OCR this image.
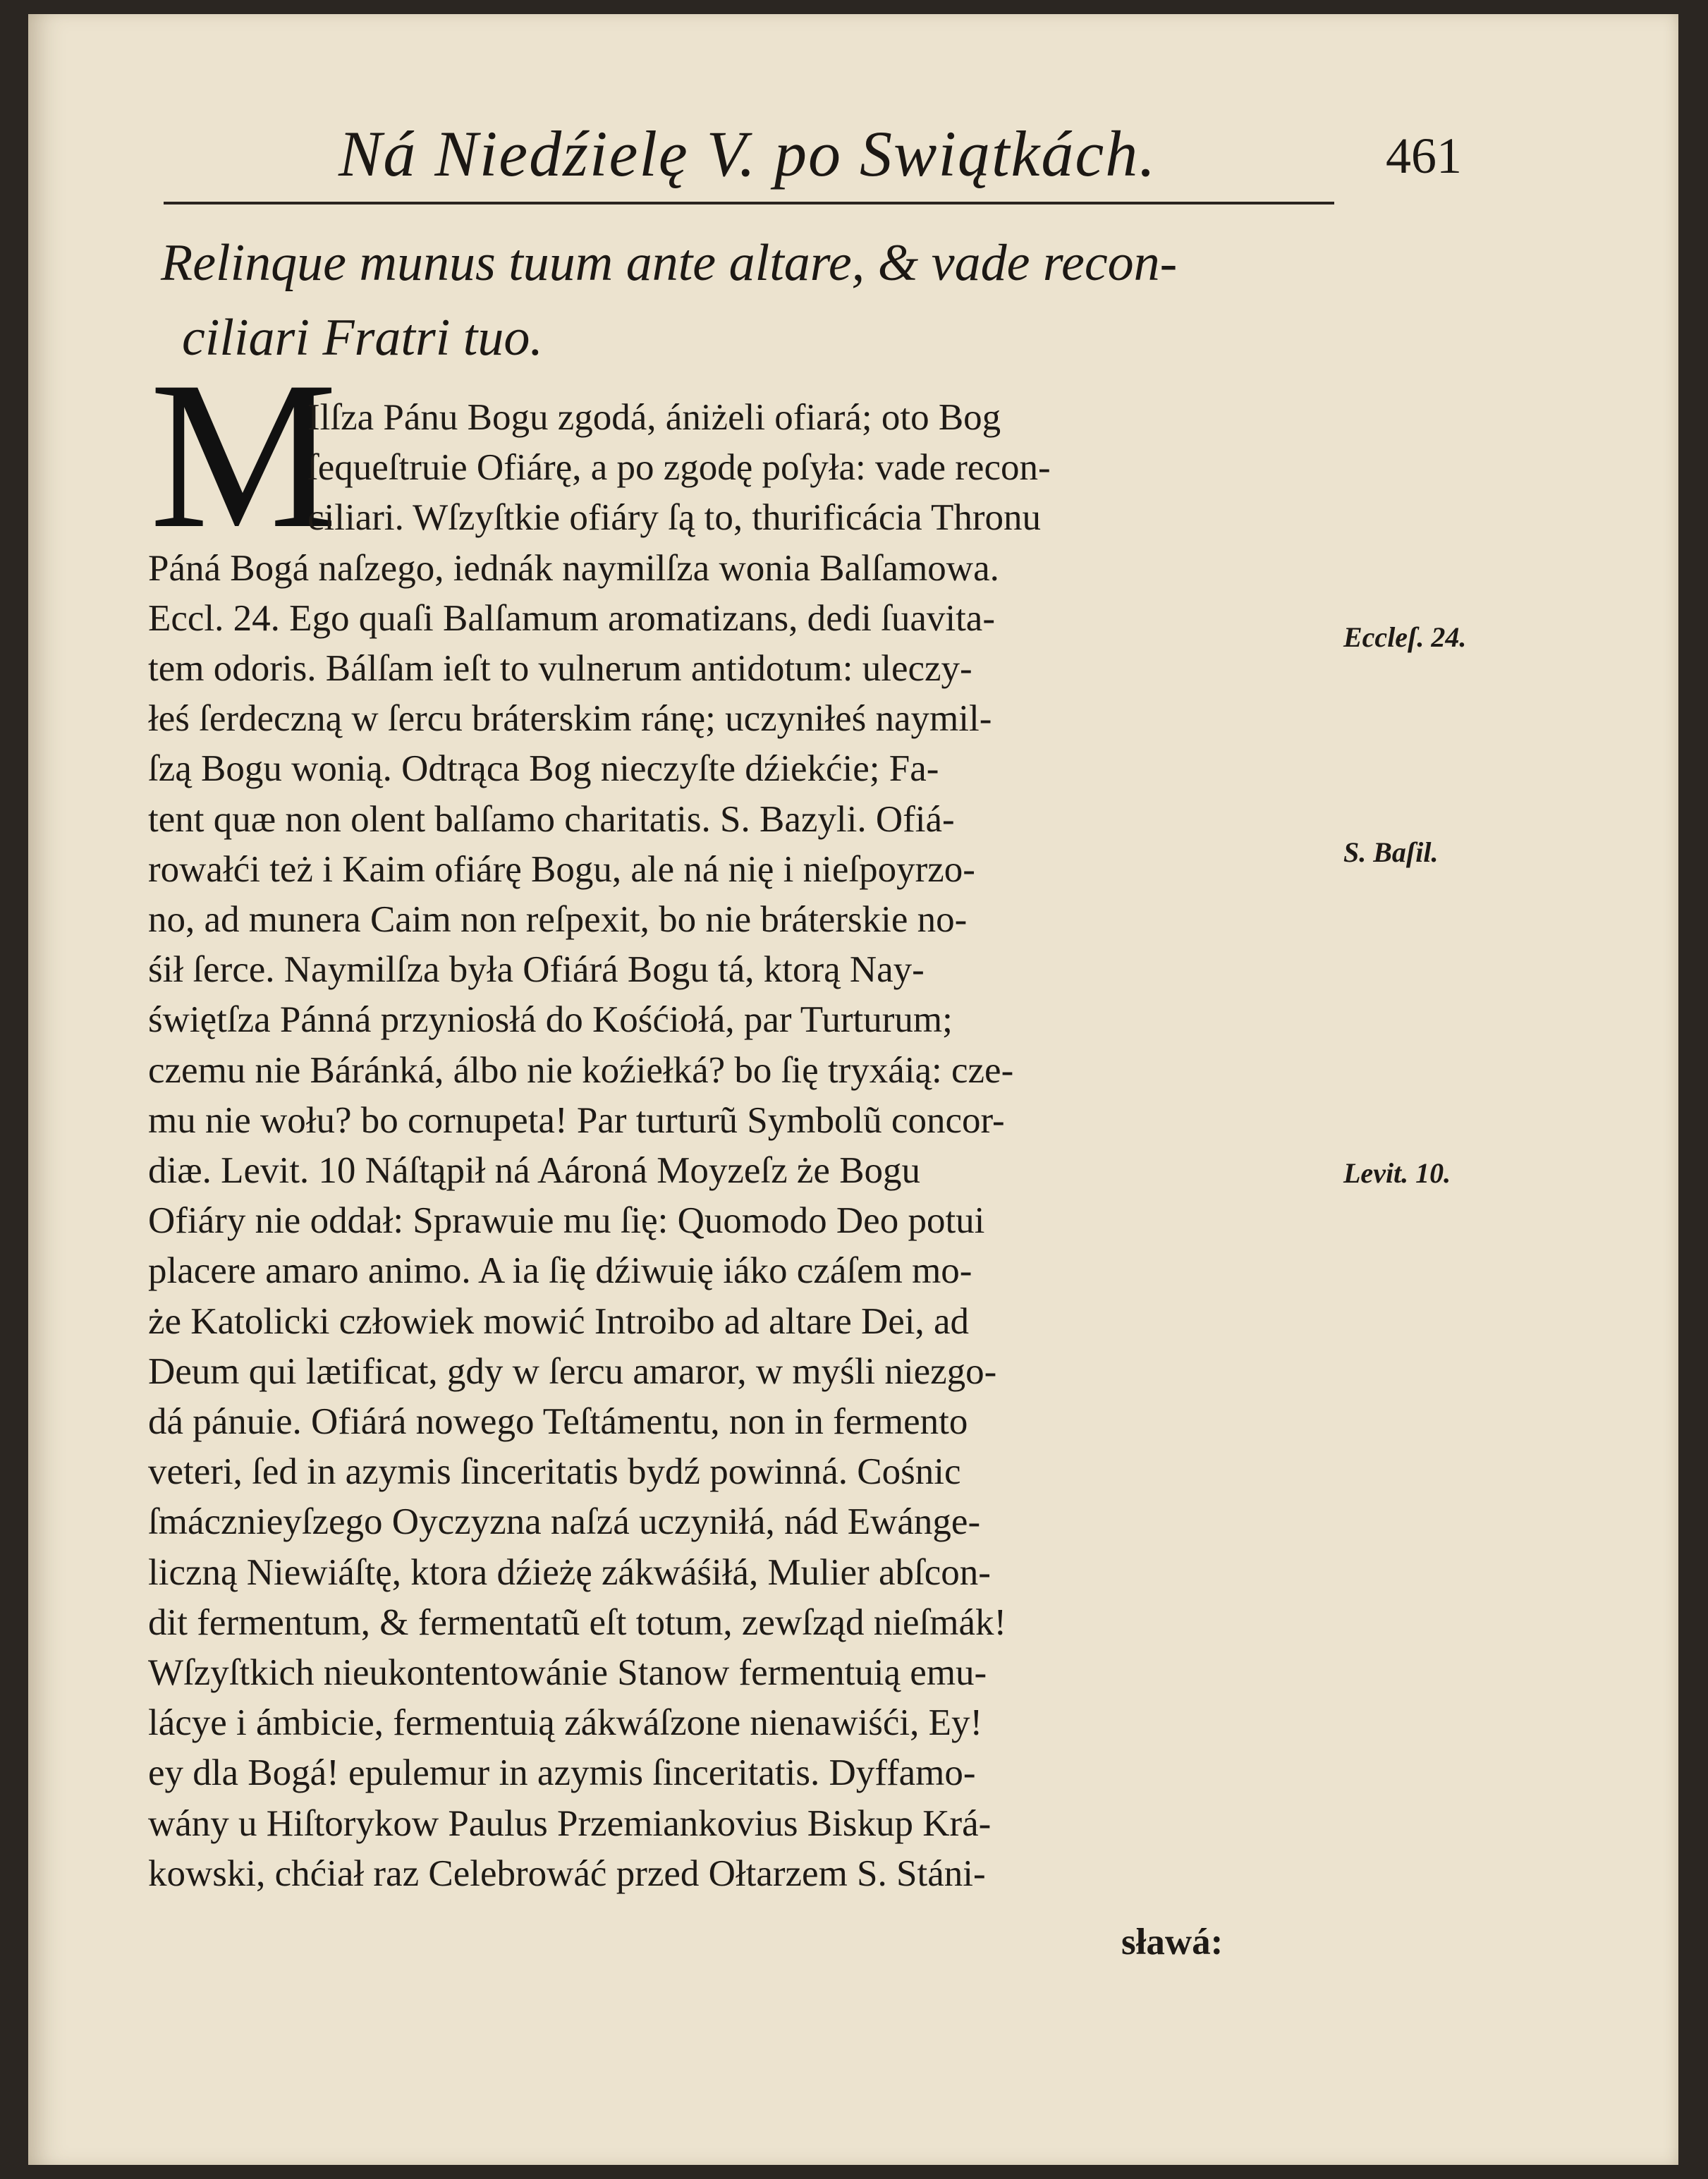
Ná Niedźielę V. po Swiątkách.	461
Relinque munus tuum ante altare, & vade recon-
ciliari Fratri tuo.
M
Ilſza Pánu Bogu zgodá, ániżeli ofiará; oto Bog
ſequeſtruie Ofiárę, a po zgodę poſyła: vade recon-
ciliari. Wſzyſtkie ofiáry ſą to, thurificácia Thronu
Páná Bogá naſzego, iednák naymilſza wonia Balſamowa.
Eccl. 24. Ego quaſi Balſamum aromatizans, dedi ſuavita-
tem odoris. Bálſam ieſt to vulnerum antidotum: uleczy-
łeś ſerdeczną w ſercu bráterskim ránę; uczyniłeś naymil-
ſzą Bogu wonią. Odtrąca Bog nieczyſte dźiekćie; Fa-
tent quæ non olent balſamo charitatis. S. Bazyli. Ofiá-
rowałći też i Kaim ofiárę Bogu, ale ná nię i nieſpoyrzo-
no, ad munera Caim non reſpexit, bo nie bráterskie no-
śił ſerce. Naymilſza była Ofiárá Bogu tá, ktorą Nay-
świętſza Pánná przyniosłá do Kośćiołá, par Turturum;
czemu nie Báránká, álbo nie koźiełká? bo ſię tryxáią: cze-
mu nie wołu? bo cornupeta! Par turturũ Symbolũ concor-
diæ. Levit. 10 Náſtąpił ná Aároná Moyzeſz że Bogu
Ofiáry nie oddał: Sprawuie mu ſię: Quomodo Deo potui
placere amaro animo. A ia ſię dźiwuię iáko czáſem mo-
że Katolicki człowiek mowić Introibo ad altare Dei, ad
Deum qui lætificat, gdy w ſercu amaror, w myśli niezgo-
dá pánuie. Ofiárá nowego Teſtámentu, non in fermento
veteri, ſed in azymis ſinceritatis bydź powinná. Cośnic
ſmácznieyſzego Oyczyzna naſzá uczyniłá, nád Ewánge-
liczną Niewiáſtę, ktora dźieżę zákwáśiłá, Mulier abſcon-
dit fermentum, & fermentatũ eſt totum, zewſząd nieſmák!
Wſzyſtkich nieukontentowánie Stanow fermentuią emu-
lácye i ámbicie, fermentuią zákwáſzone nienawiśći, Ey!
ey dla Bogá! epulemur in azymis ſinceritatis. Dyffamo-
wány u Hiſtorykow Paulus Przemiankovius Biskup Krá-
kowski, chćiał raz Celebrowáć przed Ołtarzem S. Stáni-
Eccleſ. 24.
S. Baſil.
Levit. 10.
sławá:
